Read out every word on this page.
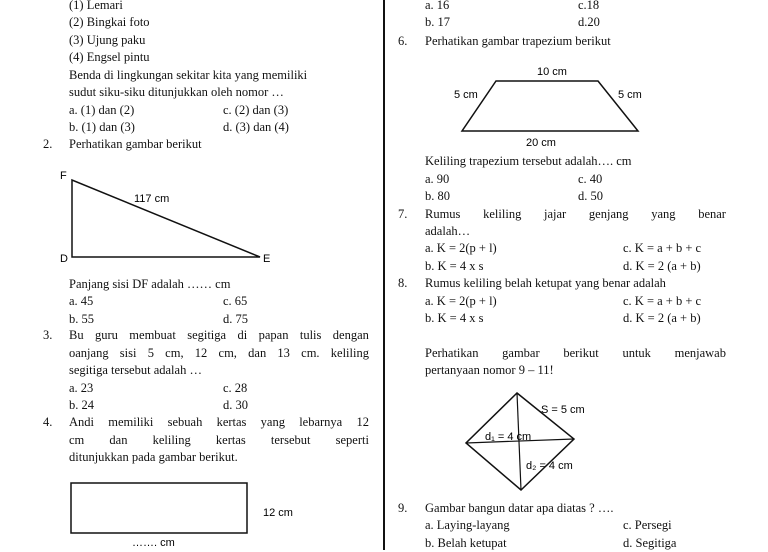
(1) Lemari
(2) Bingkai foto
(3) Ujung paku
(4) Engsel pintu
Benda di lingkungan sekitar kita yang memiliki
sudut siku-siku ditunjukkan oleh nomor …
a. (1) dan (2)	c. (2) dan (3)
b. (1) dan (3)	d. (3) dan (4)
2. Perhatikan gambar berikut
F
D	E
117 cm
Panjang sisi DF adalah …… cm
a. 45	c. 65
b. 55	d. 75
3. Bu guru membuat segitiga di papan tulis dengan
oanjang sisi 5 cm, 12 cm, dan 13 cm. keliling
segitiga tersebut adalah …
a. 23	c. 28
b. 24	d. 30
4. Andi memiliki sebuah kertas yang lebarnya 12
cm dan keliling kertas tersebut seperti
ditunjukkan pada gambar berikut.
12 cm
……. cm
a. 16	c.18
b. 17	d.20
6. Perhatikan gambar trapezium berikut
10 cm
5 cm	5 cm
20 cm
Keliling trapezium tersebut adalah…. cm
a. 90	c. 40
b. 80	d. 50
7. Rumus keliling jajar genjang yang benar
adalah…
a. K = 2(p + l)	c. K = a + b + c
b. K = 4 x s	d. K = 2 (a + b)
8. Rumus keliling belah ketupat yang benar adalah
a. K = 2(p + l)	c. K = a + b + c
b. K = 4 x s	d. K = 2 (a + b)
Perhatikan gambar berikut untuk menjawab
pertanyaan nomor 9 – 11!
S = 5 cm
d₁ = 4 cm
d₂ = 4 cm
9. Gambar bangun datar apa diatas ? ….
a. Laying-layang	c. Persegi
b. Belah ketupat	d. Segitiga
